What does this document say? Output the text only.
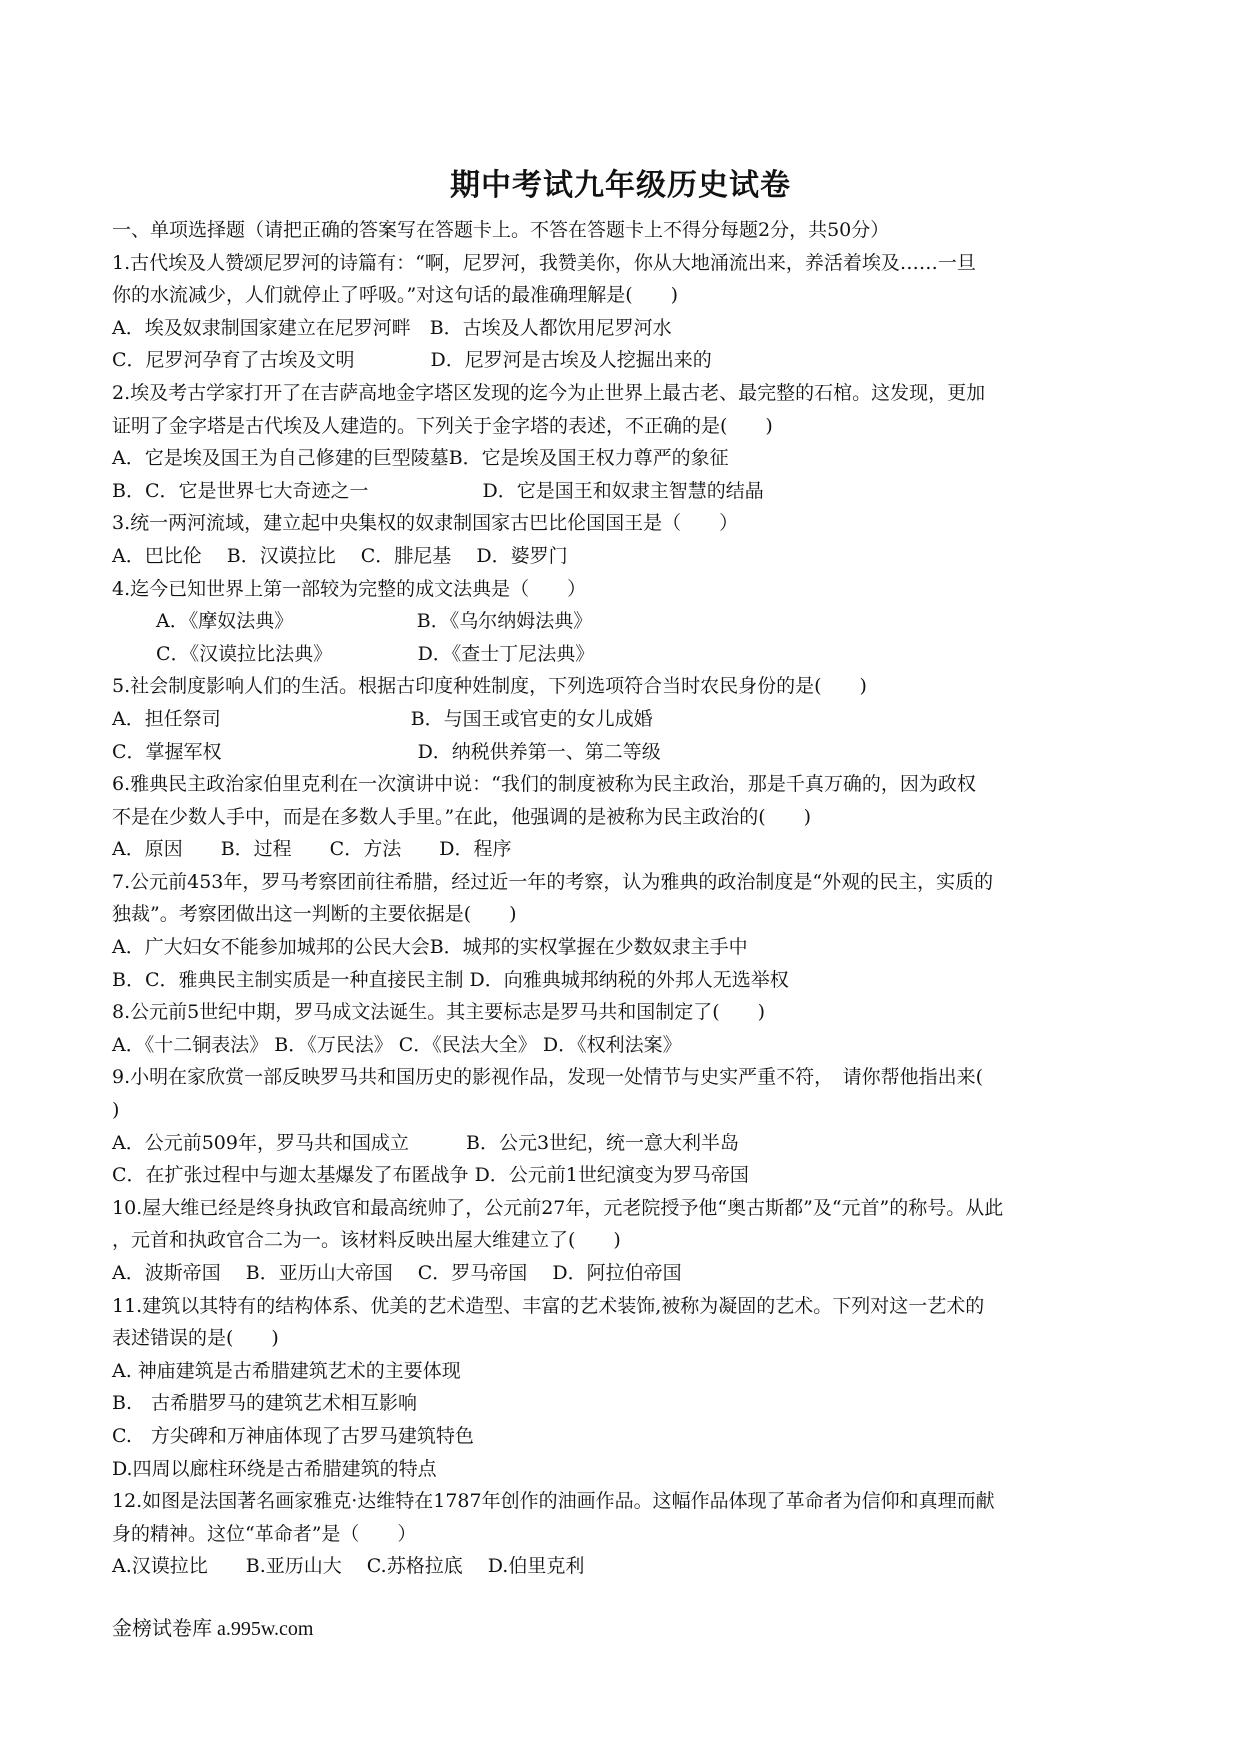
期中考试九年级历史试卷
一、单项选择题（请把正确的答案写在答题卡上。不答在答题卡上不得分每题2分，共50分）
1.古代埃及人赞颂尼罗河的诗篇有：“啊，尼罗河，我赞美你，你从大地涌流出来，养活着埃及……一旦
你的水流减少，人们就停止了呼吸。”对这句话的最准确理解是(　　)
A．埃及奴隶制国家建立在尼罗河畔　B．古埃及人都饮用尼罗河水
C．尼罗河孕育了古埃及文明　　　　D．尼罗河是古埃及人挖掘出来的
2.埃及考古学家打开了在吉萨高地金字塔区发现的迄今为止世界上最古老、最完整的石棺。这发现，更加
证明了金字塔是古代埃及人建造的。下列关于金字塔的表述，不正确的是(　　)
A．它是埃及国王为自己修建的巨型陵墓B．它是埃及国王权力尊严的象征
B．C．它是世界七大奇迹之一　　　　　　D．它是国王和奴隶主智慧的结晶
3.统一两河流域，建立起中央集权的奴隶制国家古巴比伦国国王是（　　）
A．巴比伦　 B．汉谟拉比　 C．腓尼基　 D．婆罗门
4.迄今已知世界上第一部较为完整的成文法典是（　　）
　　 A．《摩奴法典》　　　　　　　B．《乌尔纳姆法典》
　　 C．《汉谟拉比法典》　　　　　D．《查士丁尼法典》
5.社会制度影响人们的生活。根据古印度种姓制度，下列选项符合当时农民身份的是(　　)
A．担任祭司　　　　　　　　　　B．与国王或官吏的女儿成婚
C．掌握军权　　　　　　　　　　 D．纳税供养第一、第二等级
6.雅典民主政治家伯里克利在一次演讲中说：“我们的制度被称为民主政治，那是千真万确的，因为政权
不是在少数人手中，而是在多数人手里。”在此，他强调的是被称为民主政治的(　　)
A．原因　　B．过程　　C．方法　　D．程序
7.公元前453年，罗马考察团前往希腊，经过近一年的考察，认为雅典的政治制度是“外观的民主，实质的
独裁”。考察团做出这一判断的主要依据是(　　)
A．广大妇女不能参加城邦的公民大会B．城邦的实权掌握在少数奴隶主手中
B．C．雅典民主制实质是一种直接民主制 D．向雅典城邦纳税的外邦人无选举权
8.公元前5世纪中期，罗马成文法诞生。其主要标志是罗马共和国制定了(　　)
A．《十二铜表法》 B．《万民法》 C．《民法大全》 D．《权利法案》
9.小明在家欣赏一部反映罗马共和国历史的影视作品，发现一处情节与史实严重不符，　请你帮他指出来(
)
A．公元前509年，罗马共和国成立　　　B．公元3世纪，统一意大利半岛
C．在扩张过程中与迦太基爆发了布匿战争 D．公元前1世纪演变为罗马帝国
10.屋大维已经是终身执政官和最高统帅了，公元前27年，元老院授予他“奥古斯都”及“元首”的称号。从此
，元首和执政官合二为一。该材料反映出屋大维建立了(　　)
A．波斯帝国　 B．亚历山大帝国　 C．罗马帝国　 D．阿拉伯帝国
11.建筑以其特有的结构体系、优美的艺术造型、丰富的艺术装饰,被称为凝固的艺术。下列对这一艺术的
表述错误的是(　　)
A. 神庙建筑是古希腊建筑艺术的主要体现
B.　古希腊罗马的建筑艺术相互影响
C.　方尖碑和万神庙体现了古罗马建筑特色
D.四周以廊柱环绕是古希腊建筑的特点
12.如图是法国著名画家雅克·达维特在1787年创作的油画作品。这幅作品体现了革命者为信仰和真理而献
身的精神。这位“革命者”是（　　）
A.汉谟拉比　　B.亚历山大　 C.苏格拉底　 D.伯里克利
金榜试卷库 a.995w.com
